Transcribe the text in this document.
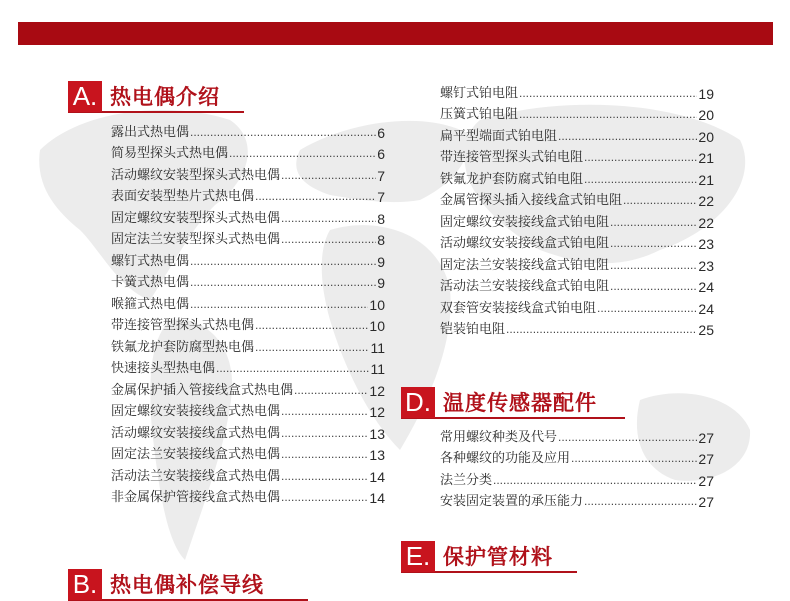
A. 热电偶介绍
露出式热电偶 .....	6
简易型探头式热电偶 .....	6
活动螺纹安装型探头式热电偶 .....	7
表面安装型垫片式热电偶 .....	7
固定螺纹安装型探头式热电偶 .....	8
固定法兰安装型探头式热电偶 .....	8
螺钉式热电偶 .....	9
卡簧式热电偶 .....	9
喉箍式热电偶 .....	10
带连接管型探头式热电偶 .....	10
铁氟龙护套防腐型热电偶 .....	11
快速接头型热电偶 .....	11
金属保护插入管接线盒式热电偶 .....	12
固定螺纹安装接线盒式热电偶 .....	12
活动螺纹安装接线盒式热电偶 .....	13
固定法兰安装接线盒式热电偶 .....	13
活动法兰安装接线盒式热电偶 .....	14
非金属保护管接线盒式热电偶 .....	14
B. 热电偶补偿导线
螺钉式铂电阻 .....	19
压簧式铂电阻 .....	20
扁平型端面式铂电阻 .....	20
带连接管型探头式铂电阻 .....	21
铁氟龙护套防腐式铂电阻 .....	21
金属管探头插入接线盒式铂电阻 .....	22
固定螺纹安装接线盒式铂电阻 .....	22
活动螺纹安装接线盒式铂电阻 .....	23
固定法兰安装接线盒式铂电阻 .....	23
活动法兰安装接线盒式铂电阻 .....	24
双套管安装接线盒式铂电阻 .....	24
铠装铂电阻 .....	25
D. 温度传感器配件
常用螺纹种类及代号 .....	27
各种螺纹的功能及应用 .....	27
法兰分类 .....	27
安装固定装置的承压能力 .....	27
E. 保护管材料
